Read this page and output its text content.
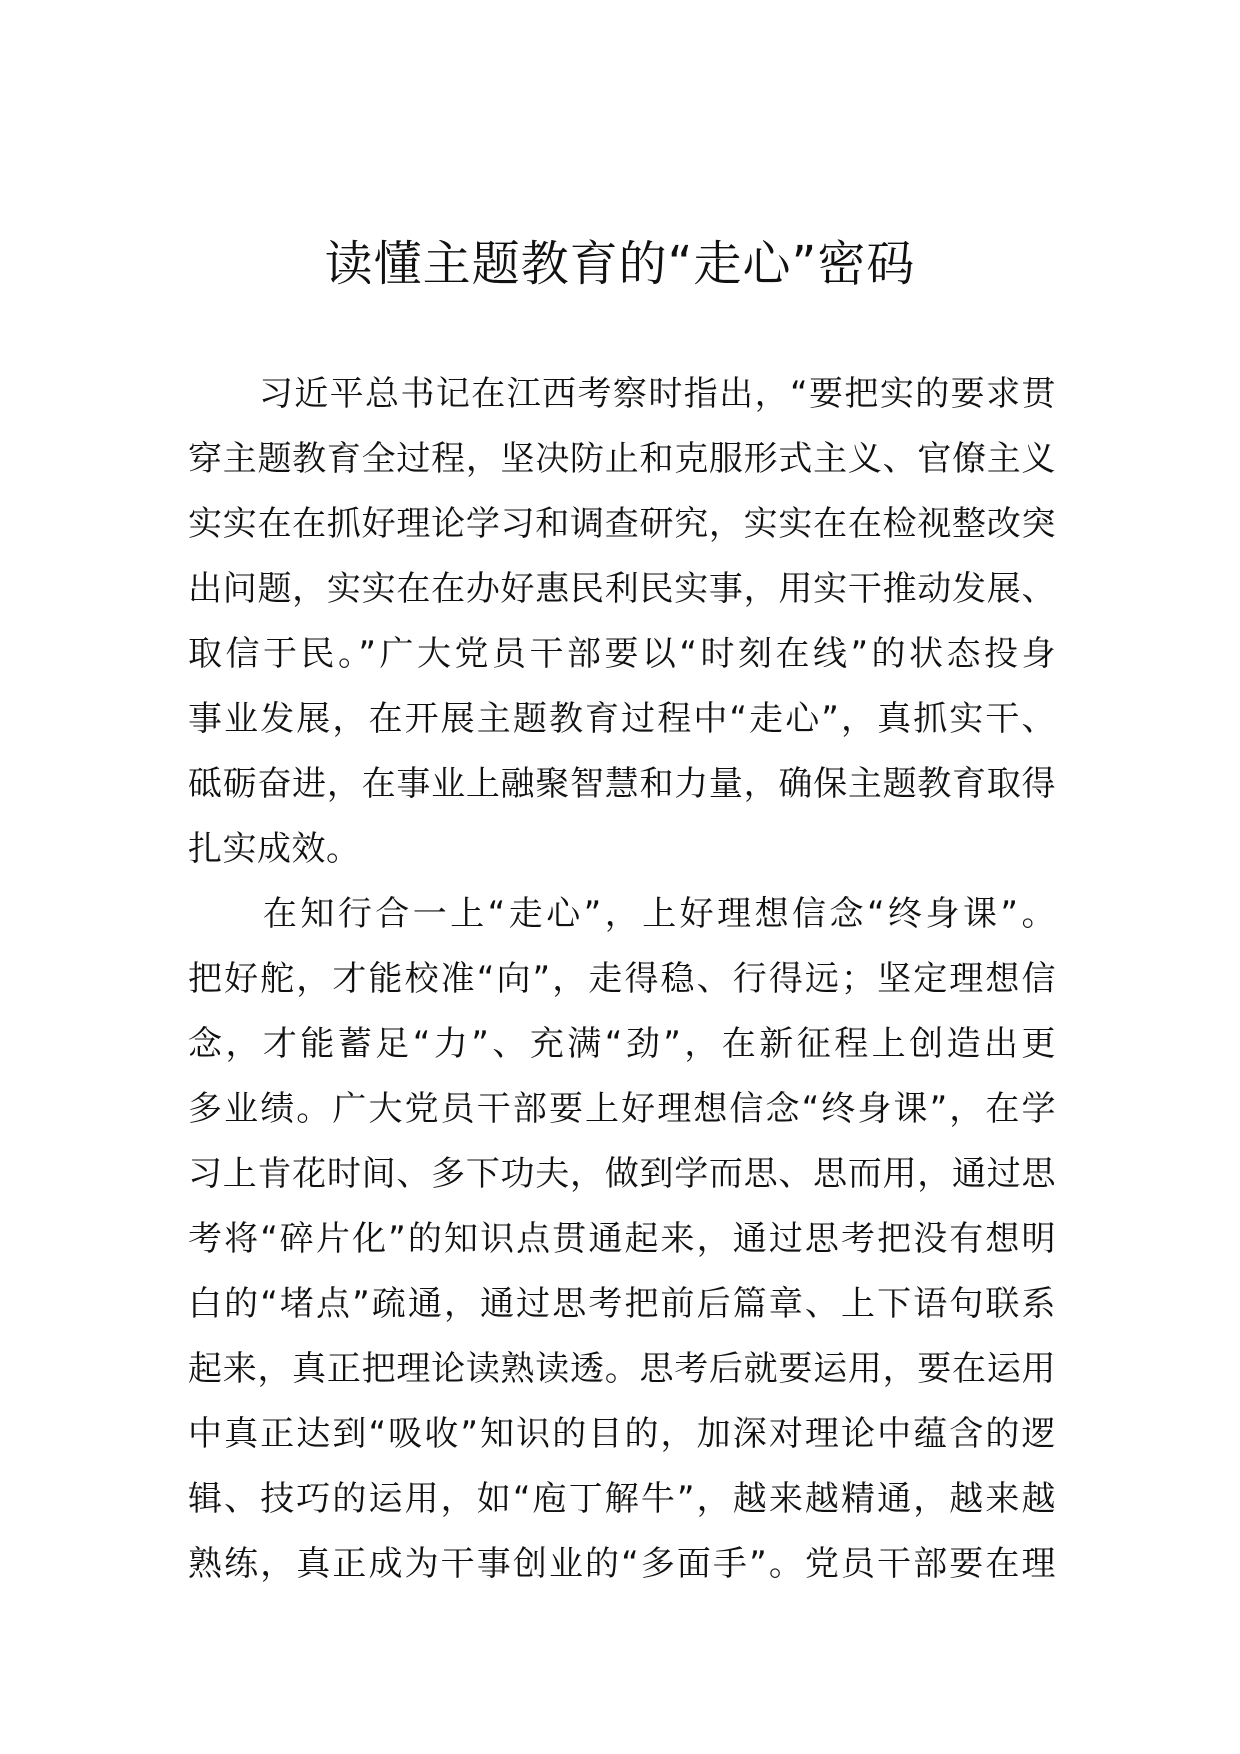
读懂主题教育的“走心”密码
　　习近平总书记在江西考察时指出，“要把实的要求贯
穿主题教育全过程，坚决防止和克服形式主义、官僚主义
实实在在抓好理论学习和调查研究，实实在在检视整改突
出问题，实实在在办好惠民利民实事，用实干推动发展、
取信于民。”广大党员干部要以“时刻在线”的状态投身
事业发展，在开展主题教育过程中“走心”，真抓实干、
砥砺奋进，在事业上融聚智慧和力量，确保主题教育取得
扎实成效。
　　在知行合一上“走心”，上好理想信念“终身课”。
把好舵，才能校准“向”，走得稳、行得远；坚定理想信
念，才能蓄足“力”、充满“劲”，在新征程上创造出更
多业绩。广大党员干部要上好理想信念“终身课”，在学
习上肯花时间、多下功夫，做到学而思、思而用，通过思
考将“碎片化”的知识点贯通起来，通过思考把没有想明
白的“堵点”疏通，通过思考把前后篇章、上下语句联系
起来，真正把理论读熟读透。思考后就要运用，要在运用
中真正达到“吸收”知识的目的，加深对理论中蕴含的逻
辑、技巧的运用，如“庖丁解牛”，越来越精通，越来越
熟练，真正成为干事创业的“多面手”。党员干部要在理
